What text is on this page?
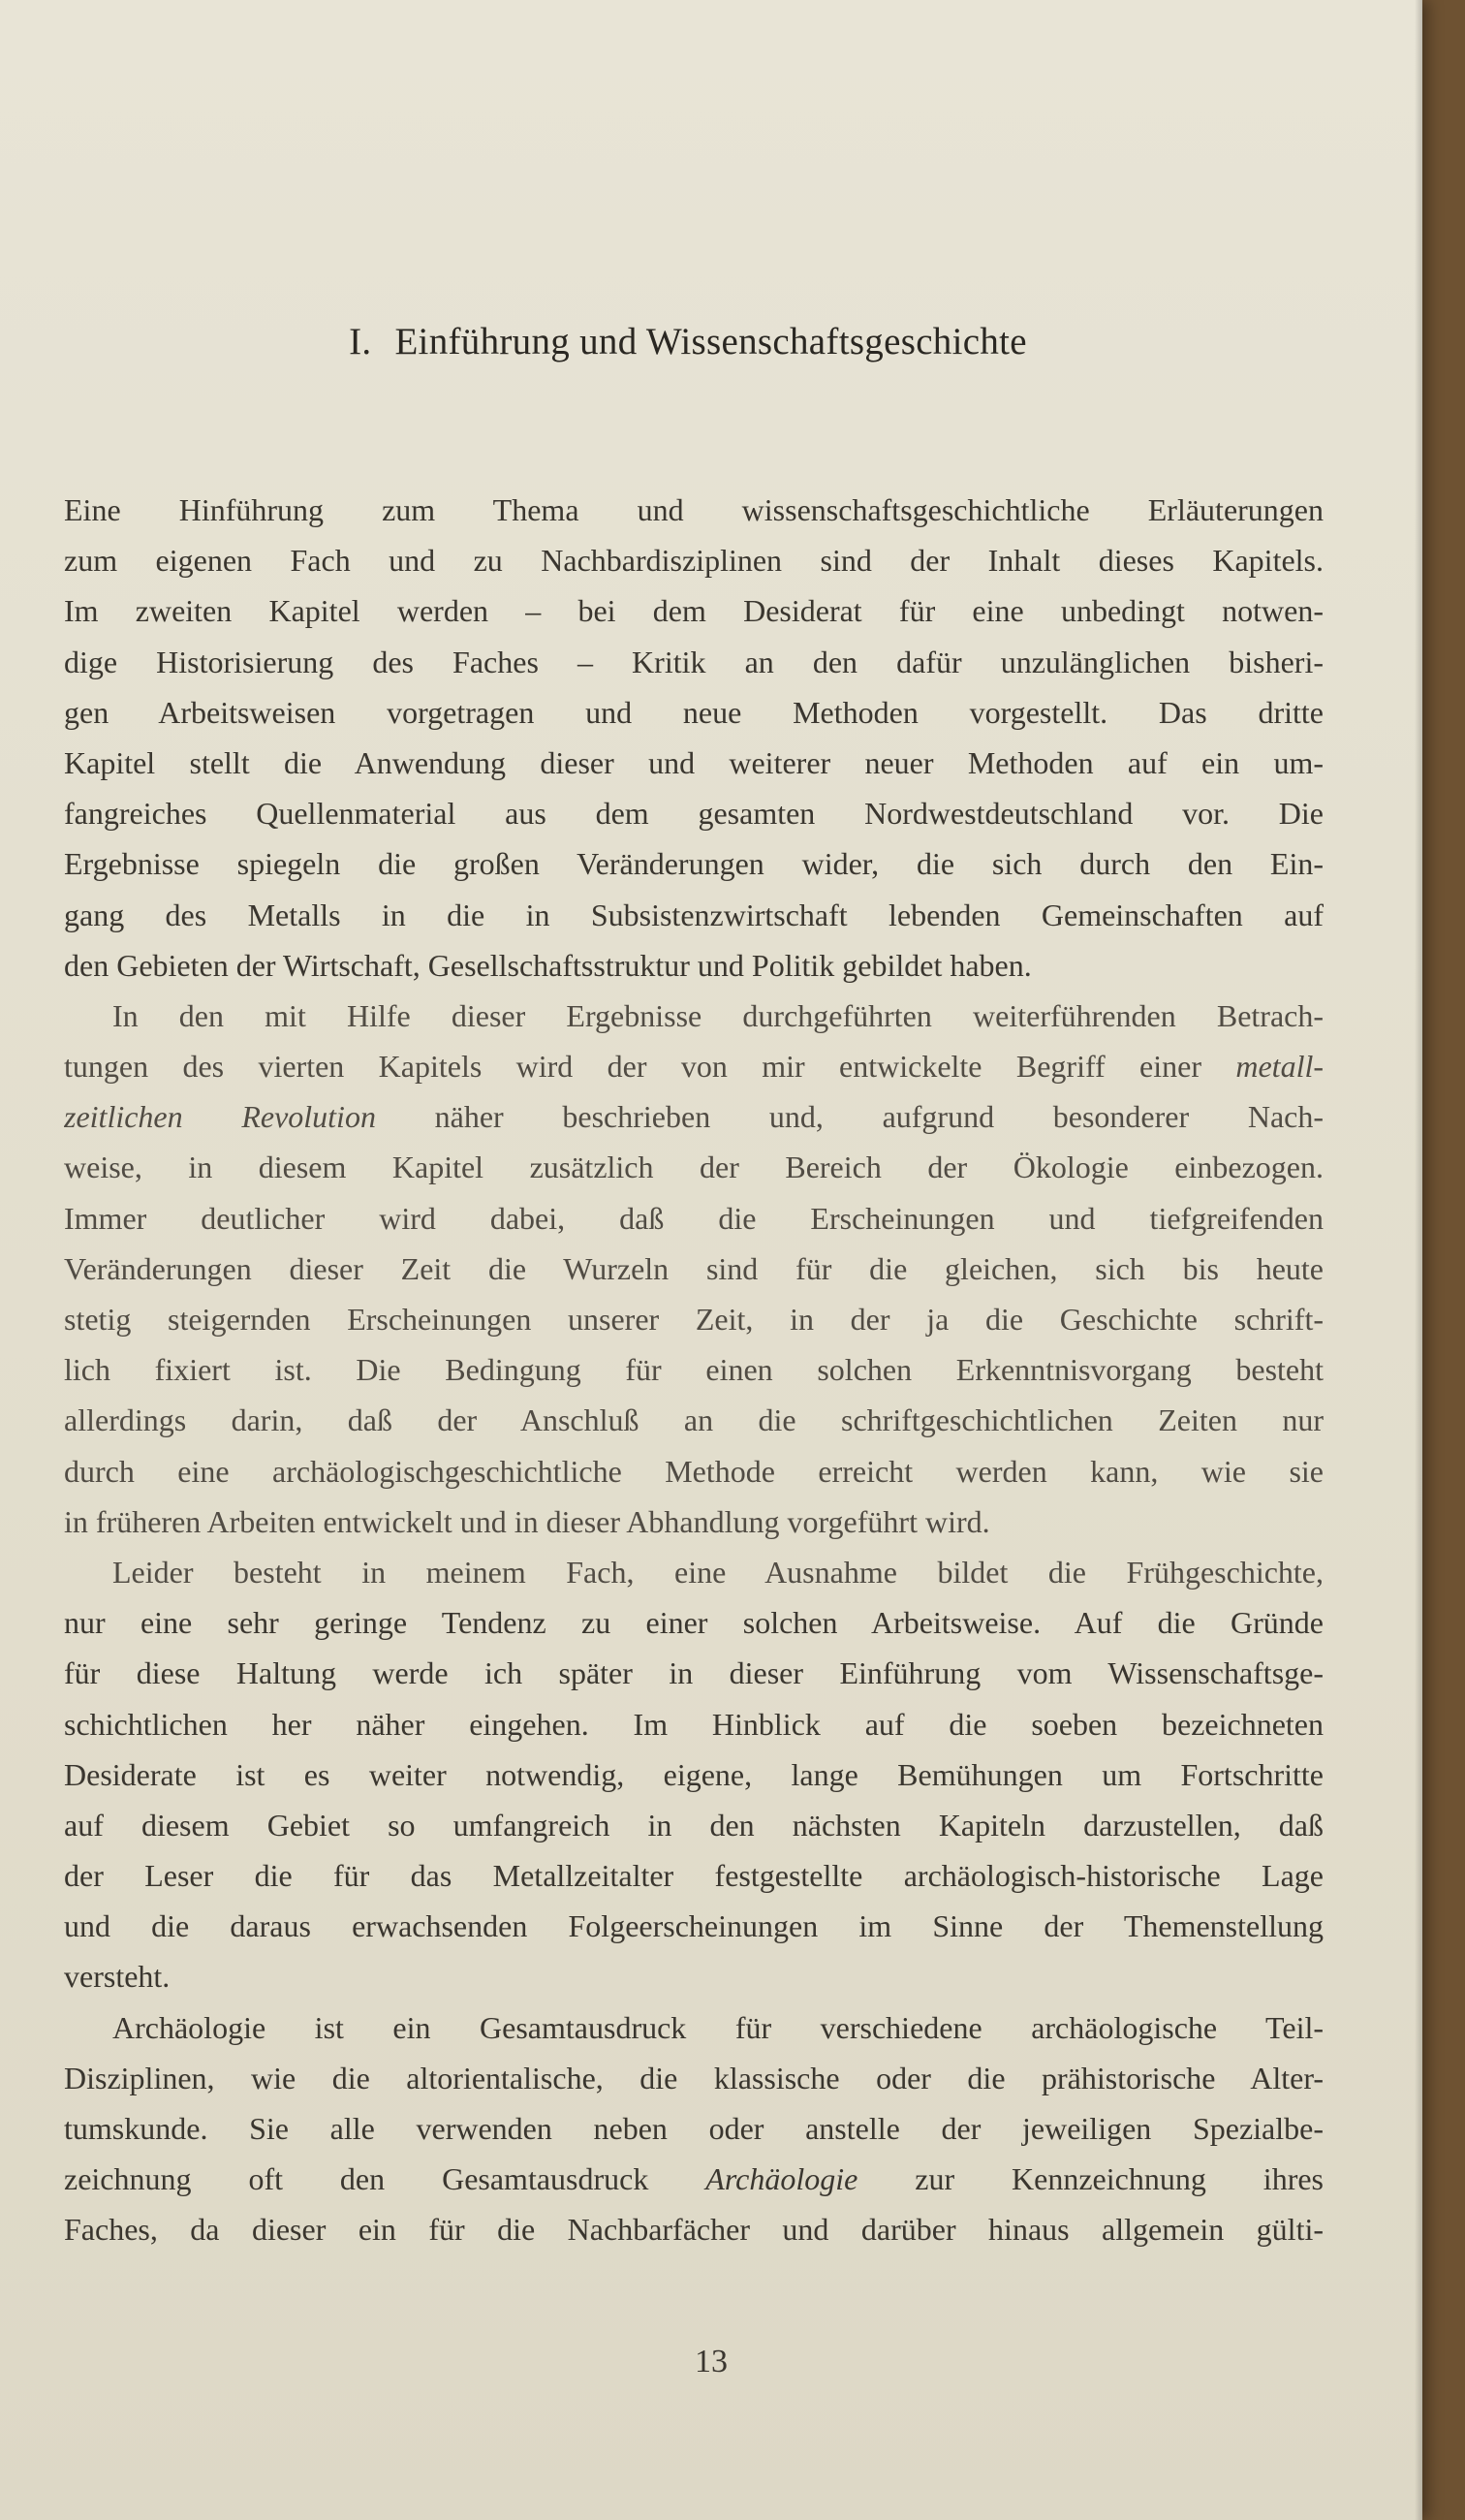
I. Einführung und Wissenschaftsgeschichte
Eine Hinführung zum Thema und wissenschaftsgeschichtliche Erläuterungen
zum eigenen Fach und zu Nachbardisziplinen sind der Inhalt dieses Kapitels.
Im zweiten Kapitel werden – bei dem Desiderat für eine unbedingt notwen-
dige Historisierung des Faches – Kritik an den dafür unzulänglichen bisheri-
gen Arbeitsweisen vorgetragen und neue Methoden vorgestellt. Das dritte
Kapitel stellt die Anwendung dieser und weiterer neuer Methoden auf ein um-
fangreiches Quellenmaterial aus dem gesamten Nordwestdeutschland vor. Die
Ergebnisse spiegeln die großen Veränderungen wider, die sich durch den Ein-
gang des Metalls in die in Subsistenzwirtschaft lebenden Gemeinschaften auf
den Gebieten der Wirtschaft, Gesellschaftsstruktur und Politik gebildet haben.
In den mit Hilfe dieser Ergebnisse durchgeführten weiterführenden Betrach-
tungen des vierten Kapitels wird der von mir entwickelte Begriff einer metall-
zeitlichen Revolution näher beschrieben und, aufgrund besonderer Nach-
weise, in diesem Kapitel zusätzlich der Bereich der Ökologie einbezogen.
Immer deutlicher wird dabei, daß die Erscheinungen und tiefgreifenden
Veränderungen dieser Zeit die Wurzeln sind für die gleichen, sich bis heute
stetig steigernden Erscheinungen unserer Zeit, in der ja die Geschichte schrift-
lich fixiert ist. Die Bedingung für einen solchen Erkenntnisvorgang besteht
allerdings darin, daß der Anschluß an die schriftgeschichtlichen Zeiten nur
durch eine archäologischgeschichtliche Methode erreicht werden kann, wie sie
in früheren Arbeiten entwickelt und in dieser Abhandlung vorgeführt wird.
Leider besteht in meinem Fach, eine Ausnahme bildet die Frühgeschichte,
nur eine sehr geringe Tendenz zu einer solchen Arbeitsweise. Auf die Gründe
für diese Haltung werde ich später in dieser Einführung vom Wissenschaftsge-
schichtlichen her näher eingehen. Im Hinblick auf die soeben bezeichneten
Desiderate ist es weiter notwendig, eigene, lange Bemühungen um Fortschritte
auf diesem Gebiet so umfangreich in den nächsten Kapiteln darzustellen, daß
der Leser die für das Metallzeitalter festgestellte archäologisch-historische Lage
und die daraus erwachsenden Folgeerscheinungen im Sinne der Themenstellung
versteht.
Archäologie ist ein Gesamtausdruck für verschiedene archäologische Teil-
Disziplinen, wie die altorientalische, die klassische oder die prähistorische Alter-
tumskunde. Sie alle verwenden neben oder anstelle der jeweiligen Spezialbe-
zeichnung oft den Gesamtausdruck Archäologie zur Kennzeichnung ihres
Faches, da dieser ein für die Nachbarfächer und darüber hinaus allgemein gülti-
13
